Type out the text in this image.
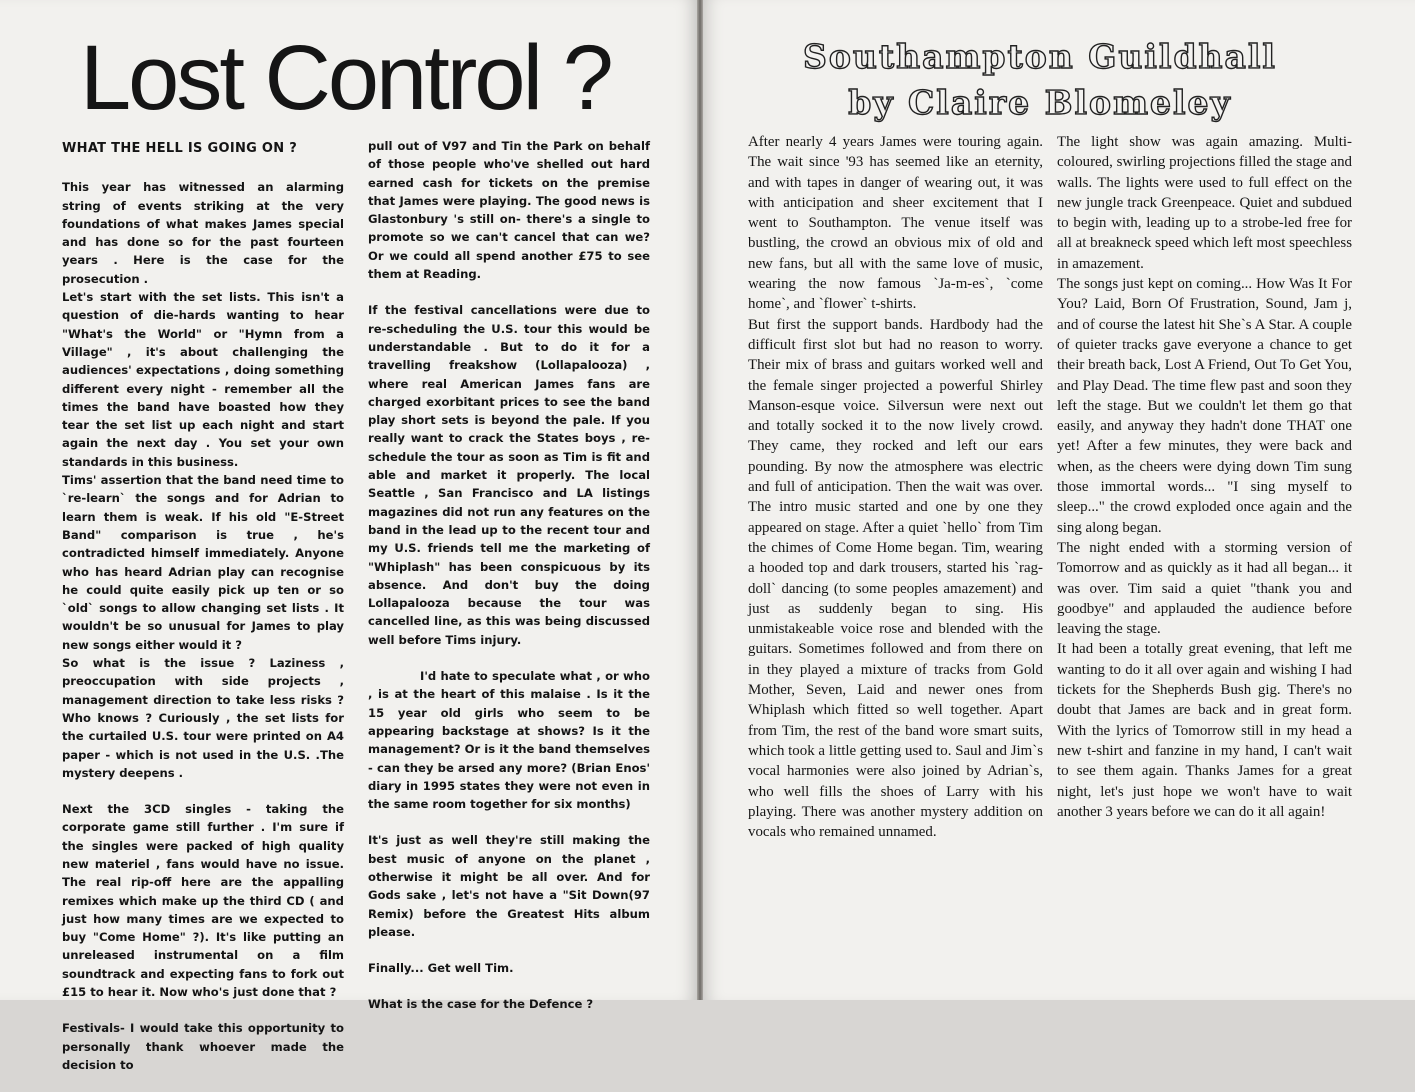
Lost Control ?
WHAT THE HELL IS GOING ON ?

This year has witnessed an alarming string of events striking at the very foundations of what makes James special and has done so for the past fourteen years . Here is the case for the prosecution .

Let's start with the set lists. This isn't a question of die-hards wanting to hear "What's the World" or "Hymn from a Village" , it's about challenging the audiences' expectations , doing something different every night - remember all the times the band have boasted how they tear the set list up each night and start again the next day . You set your own standards in this business.

Tims' assertion that the band need time to `re-learn` the songs and for Adrian to learn them is weak. If his old "E-Street Band" comparison is true , he's contradicted himself immediately. Anyone who has heard Adrian play can recognise he could quite easily pick up ten or so `old` songs to allow changing set lists . It wouldn't be so unusual for James to play new songs either would it ?

So what is the issue ? Laziness , preoccupation with side projects , management direction to take less risks ? Who knows ? Curiously , the set lists for the curtailed U.S. tour were printed on A4 paper - which is not used in the U.S. .The mystery deepens .

Next the 3CD singles - taking the corporate game still further . I'm sure if the singles were packed of high quality new materiel , fans would have no issue. The real rip-off here are the appalling remixes which make up the third CD ( and just how many times are we expected to buy "Come Home" ?). It's like putting an unreleased instrumental on a film soundtrack and expecting fans to fork out £15 to hear it. Now who's just done that ?

Festivals- I would take this opportunity to personally thank whoever made the decision to

pull out of V97 and Tin the Park on behalf of those people who've shelled out hard earned cash for tickets on the premise that James were playing. The good news is Glastonbury 's still on- there's a single to promote so we can't cancel that can we? Or we could all spend another £75 to see them at Reading.

If the festival cancellations were due to re-scheduling the U.S. tour this would be understandable . But to do it for a travelling freakshow (Lollapalooza) , where real American James fans are charged exorbitant prices to see the band play short sets is beyond the pale. If you really want to crack the States boys , re-schedule the tour as soon as Tim is fit and able and market it properly. The local Seattle , San Francisco and LA listings magazines did not run any features on the band in the lead up to the recent tour and my U.S. friends tell me the marketing of "Whiplash" has been conspicuous by its absence. And don't buy the doing Lollapalooza because the tour was cancelled line, as this was being discussed well before Tims injury.

I'd hate to speculate what , or who , is at the heart of this malaise . Is it the 15 year old girls who seem to be appearing backstage at shows? Is it the management? Or is it the band themselves - can they be arsed any more? (Brian Enos' diary in 1995 states they were not even in the same room together for six months)

It's just as well they're still making the best music of anyone on the planet , otherwise it might be all over. And for Gods sake , let's not have a "Sit Down(97 Remix) before the Greatest Hits album please.

Finally... Get well Tim.

What is the case for the Defence ?

Southampton Guildhall
by Claire Blomeley

After nearly 4 years James were touring again. The wait since '93 has seemed like an eternity, and with tapes in danger of wearing out, it was with anticipation and sheer excitement that I went to Southampton. The venue itself was bustling, the crowd an obvious mix of old and new fans, but all with the same love of music, wearing the now famous `Ja-m-es`, `come home`, and `flower` t-shirts.

But first the support bands. Hardbody had the difficult first slot but had no reason to worry. Their mix of brass and guitars worked well and the female singer projected a powerful Shirley Manson-esque voice. Silversun were next out and totally socked it to the now lively crowd. They came, they rocked and left our ears pounding. By now the atmosphere was electric and full of anticipation. Then the wait was over. The intro music started and one by one they appeared on stage. After a quiet `hello` from Tim the chimes of Come Home began. Tim, wearing a hooded top and dark trousers, started his `rag-doll` dancing (to some peoples amazement) and just as suddenly began to sing. His unmistakeable voice rose and blended with the guitars. Sometimes followed and from there on in they played a mixture of tracks from Gold Mother, Seven, Laid and newer ones from Whiplash which fitted so well together. Apart from Tim, the rest of the band wore smart suits, which took a little getting used to. Saul and Jim`s vocal harmonies were also joined by Adrian`s, who well fills the shoes of Larry with his playing. There was another mystery addition on vocals who remained unnamed.

The light show was again amazing. Multi-coloured, swirling projections filled the stage and walls. The lights were used to full effect on the new jungle track Greenpeace. Quiet and subdued to begin with, leading up to a strobe-led free for all at breakneck speed which left most speechless in amazement.

The songs just kept on coming... How Was It For You? Laid, Born Of Frustration, Sound, Jam j, and of course the latest hit She`s A Star. A couple of quieter tracks gave everyone a chance to get their breath back, Lost A Friend, Out To Get You, and Play Dead. The time flew past and soon they left the stage. But we couldn't let them go that easily, and anyway they hadn't done THAT one yet! After a few minutes, they were back and when, as the cheers were dying down Tim sung those immortal words... "I sing myself to sleep..." the crowd exploded once again and the sing along began.

The night ended with a storming version of Tomorrow and as quickly as it had all began... it was over. Tim said a quiet "thank you and goodbye" and applauded the audience before leaving the stage.

It had been a totally great evening, that left me wanting to do it all over again and wishing I had tickets for the Shepherds Bush gig. There's no doubt that James are back and in great form. With the lyrics of Tomorrow still in my head a new t-shirt and fanzine in my hand, I can't wait to see them again. Thanks James for a great night, let's just hope we won't have to wait another 3 years before we can do it all again!
